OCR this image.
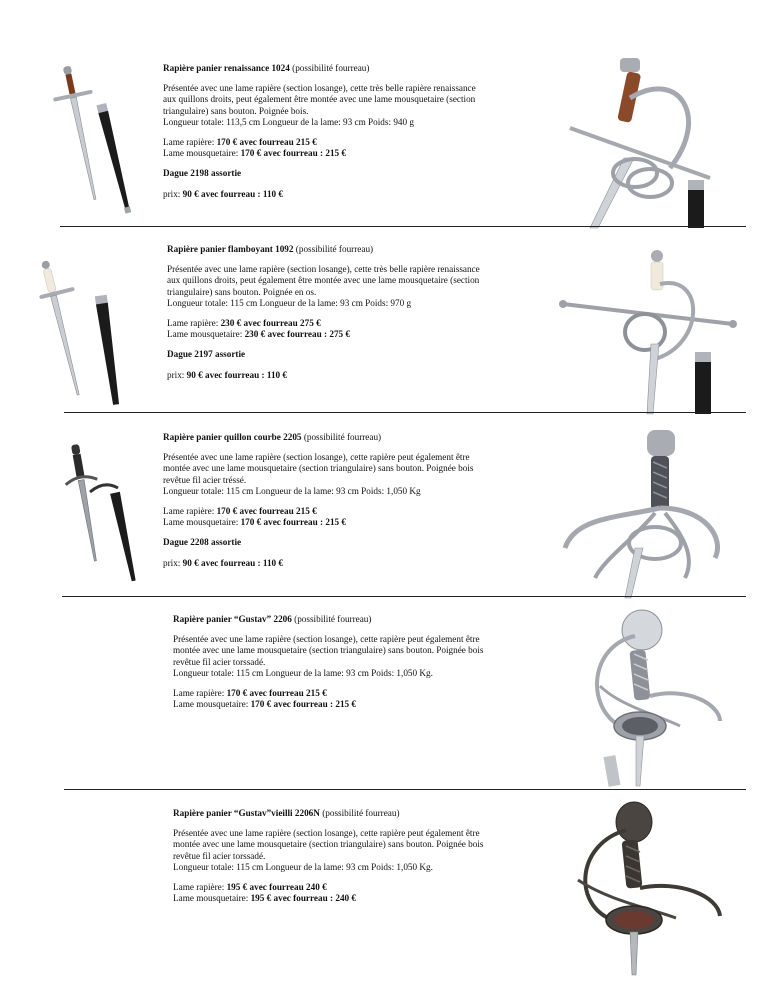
Rapière panier renaissance 1024 (possibilité fourreau)

Présentée avec une lame rapière (section losange), cette très belle rapière renaissance
aux quillons droits, peut également être montée avec une lame mousquetaire (section
triangulaire) sans bouton. Poignée bois.
Longueur totale: 113,5 cm Longueur de la lame: 93 cm Poids: 940 g

Lame rapière: 170 € avec fourreau 215 €
Lame mousquetaire: 170 € avec fourreau : 215 €

Dague 2198 assortie

prix: 90 € avec fourreau : 110 €

Rapière panier flamboyant 1092 (possibilité fourreau)

Présentée avec une lame rapière (section losange), cette très belle rapière renaissance
aux quillons droits, peut également être montée avec une lame mousquetaire (section
triangulaire) sans bouton. Poignée en os.
Longueur totale: 115 cm Longueur de la lame: 93 cm Poids: 970 g

Lame rapière: 230 € avec fourreau 275 €
Lame mousquetaire: 230 € avec fourreau : 275 €

Dague 2197 assortie

prix: 90 € avec fourreau : 110 €

Rapière panier quillon courbe 2205 (possibilité fourreau)

Présentée avec une lame rapière (section losange), cette rapière peut également être
montée avec une lame mousquetaire (section triangulaire) sans bouton. Poignée bois
revêtue fil acier tréssé.
Longueur totale: 115 cm Longueur de la lame: 93 cm Poids: 1,050 Kg

Lame rapière: 170 € avec fourreau 215 €
Lame mousquetaire: 170 € avec fourreau : 215 €

Dague 2208 assortie

prix: 90 € avec fourreau : 110 €

Rapière panier “Gustav” 2206 (possibilité fourreau)

Présentée avec une lame rapière (section losange), cette rapière peut également être
montée avec une lame mousquetaire (section triangulaire) sans bouton. Poignée bois
revêtue fil acier torssadé.
Longueur totale: 115 cm Longueur de la lame: 93 cm Poids: 1,050 Kg.

Lame rapière: 170 € avec fourreau 215 €
Lame mousquetaire: 170 € avec fourreau : 215 €

Rapière panier “Gustav”vieilli 2206N (possibilité fourreau)

Présentée avec une lame rapière (section losange), cette rapière peut également être
montée avec une lame mousquetaire (section triangulaire) sans bouton. Poignée bois
revêtue fil acier torssadé.
Longueur totale: 115 cm Longueur de la lame: 93 cm Poids: 1,050 Kg.

Lame rapière: 195 € avec fourreau 240 €
Lame mousquetaire: 195 € avec fourreau : 240 €
